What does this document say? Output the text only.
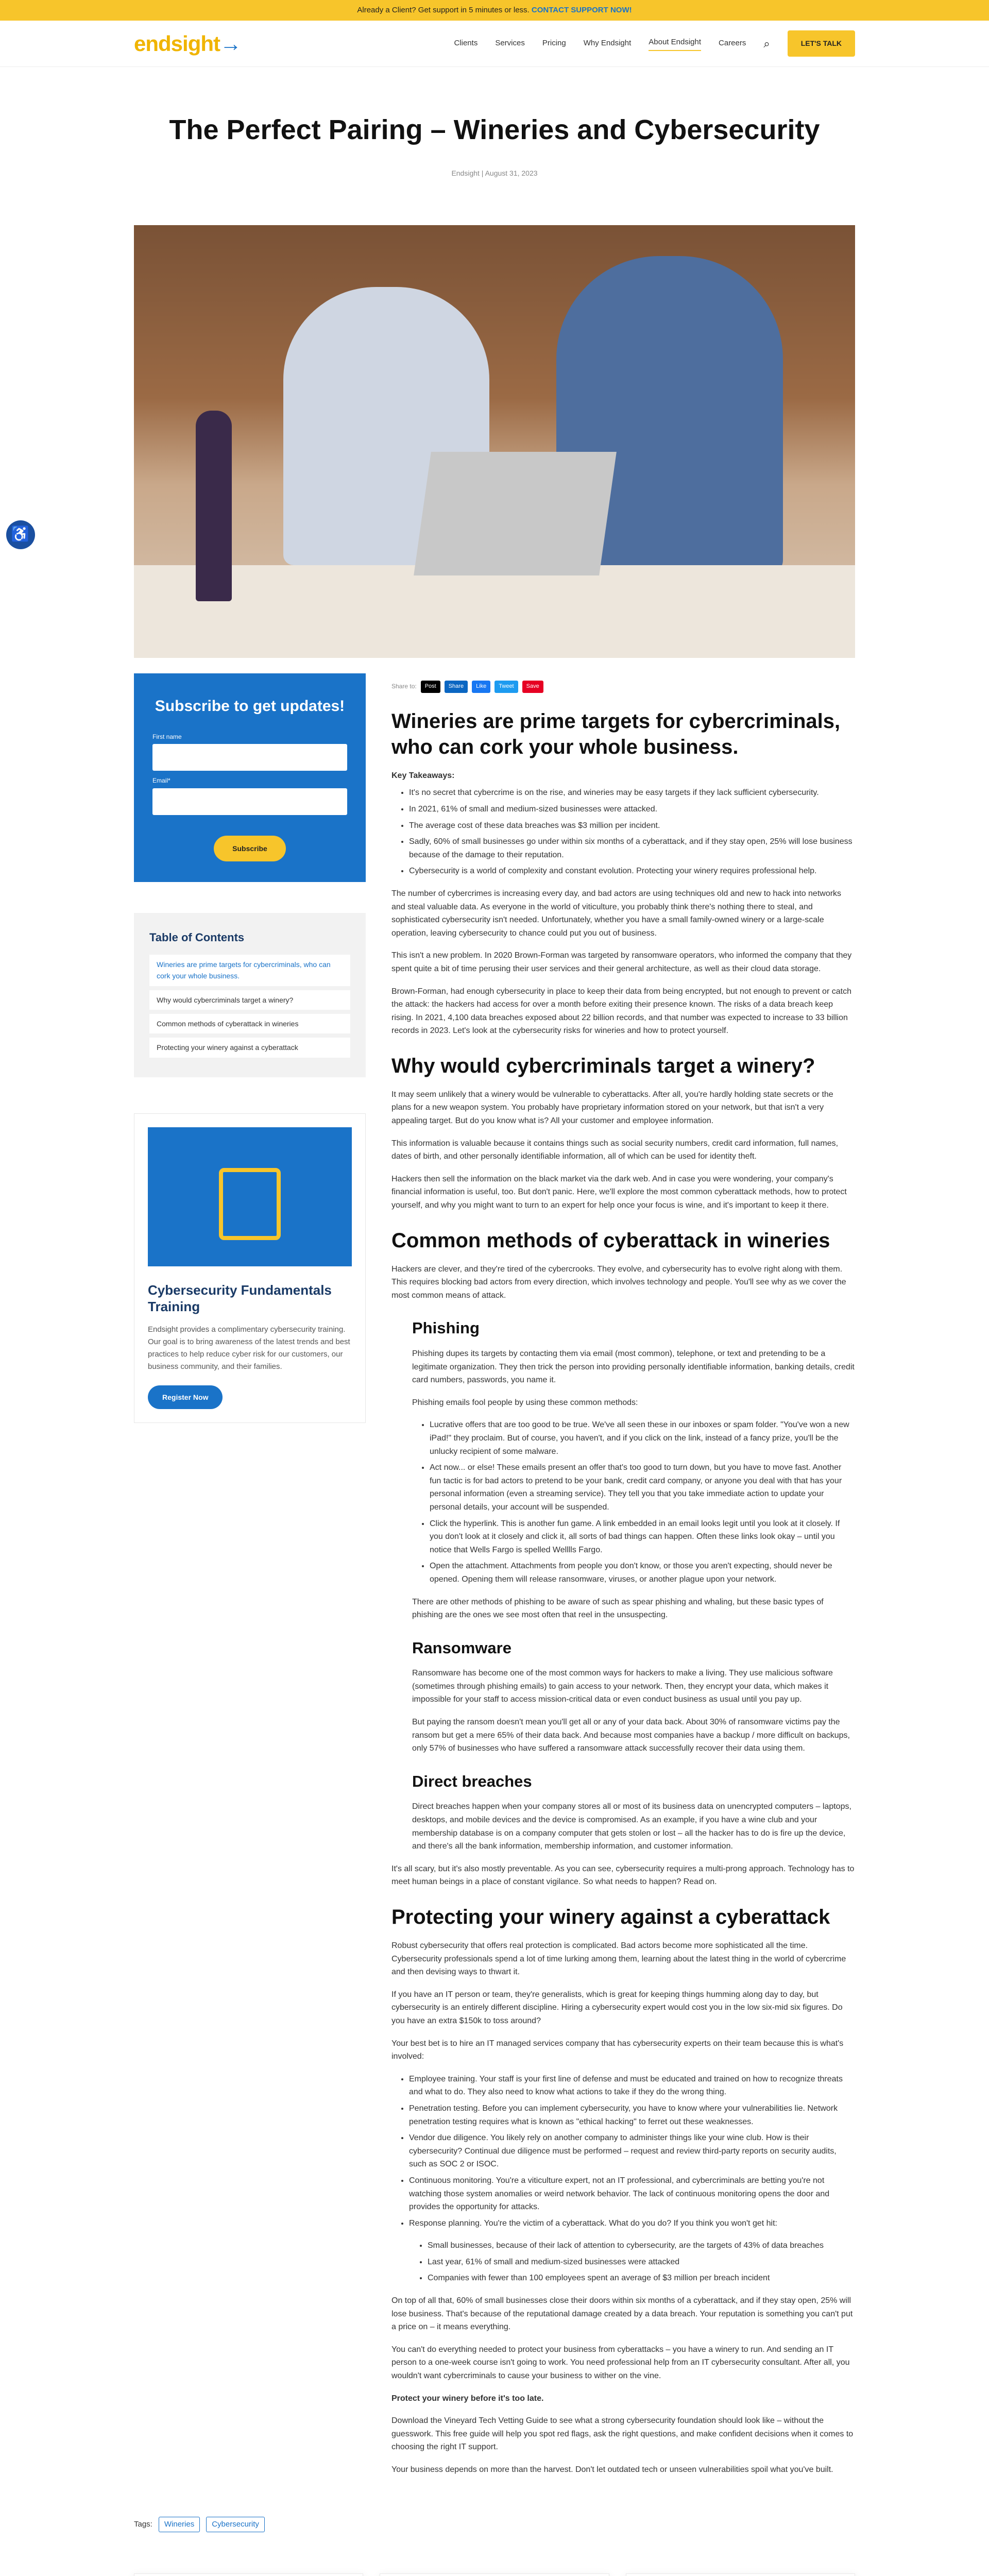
Already a Client? Get support in 5 minutes or less. CONTACT SUPPORT NOW!
endsight→	Clients Services Pricing Why Endsight About Endsight Careers ⌕	LET'S TALK
The Perfect Pairing – Wineries and Cybersecurity
Endsight | August 31, 2023
♿
Subscribe to get updates!
First name
Email*
Subscribe
Table of Contents
Wineries are prime targets for cybercriminals, who can cork your whole business.
Why would cybercriminals target a winery?
Common methods of cyberattack in wineries
Protecting your winery against a cyberattack
Cybersecurity Fundamentals Training

Endsight provides a complimentary cybersecurity training. Our goal is to bring awareness of the latest trends and best practices to help reduce cyber risk for our customers, our business community, and their families.

Register Now
Share to:	Post	Share	Like	Tweet	Save
Wineries are prime targets for cybercriminals, who can cork your whole business.

Key Takeaways:

• It's no secret that cybercrime is on the rise, and wineries may be easy targets if they lack sufficient cybersecurity.
• In 2021, 61% of small and medium-sized businesses were attacked.
• The average cost of these data breaches was $3 million per incident.
• Sadly, 60% of small businesses go under within six months of a cyberattack, and if they stay open, 25% will lose business because of the damage to their reputation.
• Cybersecurity is a world of complexity and constant evolution. Protecting your winery requires professional help.

The number of cybercrimes is increasing every day, and bad actors are using techniques old and new to hack into networks and steal valuable data. As everyone in the world of viticulture, you probably think there's nothing there to steal, and sophisticated cybersecurity isn't needed. Unfortunately, whether you have a small family-owned winery or a large-scale operation, leaving cybersecurity to chance could put you out of business.

This isn't a new problem. In 2020 Brown-Forman was targeted by ransomware operators, who informed the company that they spent quite a bit of time perusing their user services and their general architecture, as well as their cloud data storage.

Brown-Forman, had enough cybersecurity in place to keep their data from being encrypted, but not enough to prevent or catch the attack: the hackers had access for over a month before exiting their presence known. The risks of a data breach keep rising. In 2021, 4,100 data breaches exposed about 22 billion records, and that number was expected to increase to 33 billion records in 2023. Let's look at the cybersecurity risks for wineries and how to protect yourself.

Why would cybercriminals target a winery?

It may seem unlikely that a winery would be vulnerable to cyberattacks. After all, you're hardly holding state secrets or the plans for a new weapon system. You probably have proprietary information stored on your network, but that isn't a very appealing target. But do you know what is? All your customer and employee information.

This information is valuable because it contains things such as social security numbers, credit card information, full names, dates of birth, and other personally identifiable information, all of which can be used for identity theft.

Hackers then sell the information on the black market via the dark web. And in case you were wondering, your company's financial information is useful, too. But don't panic. Here, we'll explore the most common cyberattack methods, how to protect yourself, and why you might want to turn to an expert for help once your focus is wine, and it's important to keep it there.

Common methods of cyberattack in wineries

Hackers are clever, and they're tired of the cybercrooks. They evolve, and cybersecurity has to evolve right along with them. This requires blocking bad actors from every direction, which involves technology and people. You'll see why as we cover the most common means of attack.

Phishing

Phishing dupes its targets by contacting them via email (most common), telephone, or text and pretending to be a legitimate organization. They then trick the person into providing personally identifiable information, banking details, credit card numbers, passwords, you name it.

Phishing emails fool people by using these common methods:

• Lucrative offers that are too good to be true. We've all seen these in our inboxes or spam folder. "You've won a new iPad!" they proclaim. But of course, you haven't, and if you click on the link, instead of a fancy prize, you'll be the unlucky recipient of some malware.
• Act now... or else! These emails present an offer that's too good to turn down, but you have to move fast. Another fun tactic is for bad actors to pretend to be your bank, credit card company, or anyone you deal with that has your personal information (even a streaming service). They tell you that you take immediate action to update your personal details, your account will be suspended.
• Click the hyperlink. This is another fun game. A link embedded in an email looks legit until you look at it closely. If you don't look at it closely and click it, all sorts of bad things can happen. Often these links look okay – until you notice that Wells Fargo is spelled Welllls Fargo.
• Open the attachment. Attachments from people you don't know, or those you aren't expecting, should never be opened. Opening them will release ransomware, viruses, or another plague upon your network.

There are other methods of phishing to be aware of such as spear phishing and whaling, but these basic types of phishing are the ones we see most often that reel in the unsuspecting.

Ransomware

Ransomware has become one of the most common ways for hackers to make a living. They use malicious software (sometimes through phishing emails) to gain access to your network. Then, they encrypt your data, which makes it impossible for your staff to access mission-critical data or even conduct business as usual until you pay up.

But paying the ransom doesn't mean you'll get all or any of your data back. About 30% of ransomware victims pay the ransom but get a mere 65% of their data back. And because most companies have a backup / more difficult on backups, only 57% of businesses who have suffered a ransomware attack successfully recover their data using them.

Direct breaches

Direct breaches happen when your company stores all or most of its business data on unencrypted computers – laptops, desktops, and mobile devices and the device is compromised. As an example, if you have a wine club and your membership database is on a company computer that gets stolen or lost – all the hacker has to do is fire up the device, and there's all the bank information, membership information, and customer information.

It's all scary, but it's also mostly preventable. As you can see, cybersecurity requires a multi-prong approach. Technology has to meet human beings in a place of constant vigilance. So what needs to happen? Read on.

Protecting your winery against a cyberattack

Robust cybersecurity that offers real protection is complicated. Bad actors become more sophisticated all the time. Cybersecurity professionals spend a lot of time lurking among them, learning about the latest thing in the world of cybercrime and then devising ways to thwart it.

If you have an IT person or team, they're generalists, which is great for keeping things humming along day to day, but cybersecurity is an entirely different discipline. Hiring a cybersecurity expert would cost you in the low six-mid six figures. Do you have an extra $150k to toss around?

Your best bet is to hire an IT managed services company that has cybersecurity experts on their team because this is what's involved:

• Employee training. Your staff is your first line of defense and must be educated and trained on how to recognize threats and what to do. They also need to know what actions to take if they do the wrong thing.
• Penetration testing. Before you can implement cybersecurity, you have to know where your vulnerabilities lie. Network penetration testing requires what is known as "ethical hacking" to ferret out these weaknesses.
• Vendor due diligence. You likely rely on another company to administer things like your wine club. How is their cybersecurity? Continual due diligence must be performed – request and review third-party reports on security audits, such as SOC 2 or ISOC.
• Continuous monitoring. You're a viticulture expert, not an IT professional, and cybercriminals are betting you're not watching those system anomalies or weird network behavior. The lack of continuous monitoring opens the door and provides the opportunity for attacks.
• Response planning. You're the victim of a cyberattack. What do you do? If you think you won't get hit:
• Small businesses, because of their lack of attention to cybersecurity, are the targets of 43% of data breaches
• Last year, 61% of small and medium-sized businesses were attacked
• Companies with fewer than 100 employees spent an average of $3 million per breach incident

On top of all that, 60% of small businesses close their doors within six months of a cyberattack, and if they stay open, 25% will lose business. That's because of the reputational damage created by a data breach. Your reputation is something you can't put a price on – it means everything.

You can't do everything needed to protect your business from cyberattacks – you have a winery to run. And sending an IT person to a one-week course isn't going to work. You need professional help from an IT cybersecurity consultant. After all, you wouldn't want cybercriminals to cause your business to wither on the vine.

Protect your winery before it's too late.

Download the Vineyard Tech Vetting Guide to see what a strong cybersecurity foundation should look like – without the guesswork. This free guide will help you spot red flags, ask the right questions, and make confident decisions when it comes to choosing the right IT support.

Your business depends on more than the harvest. Don't let outdated tech or unseen vulnerabilities spoil what you've built.

Tags:	Wineries	Cybersecurity
